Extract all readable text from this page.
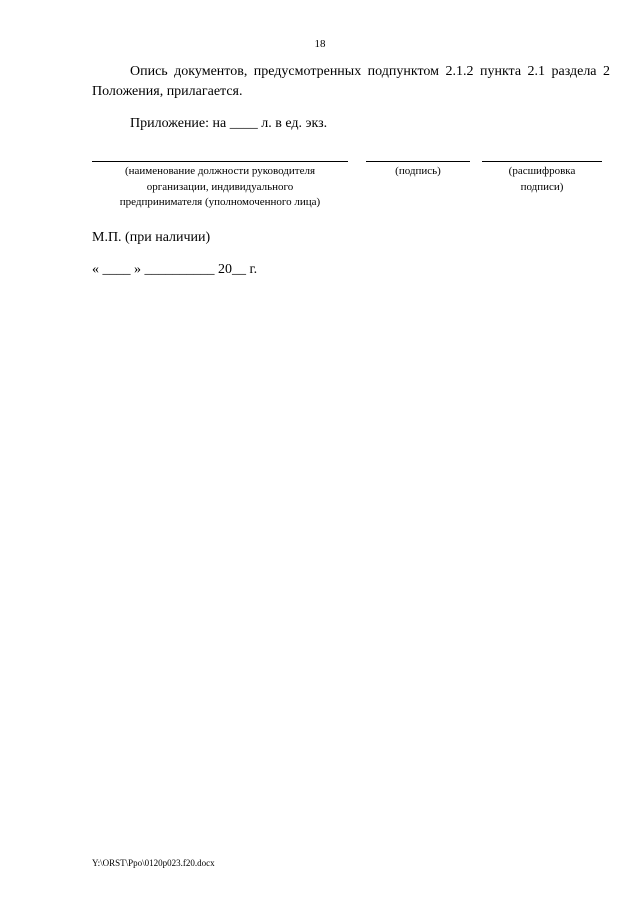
18
Опись документов, предусмотренных подпунктом 2.1.2 пункта 2.1 раздела 2 Положения, прилагается.
Приложение: на ____ л. в ед. экз.
(наименование должности руководителя
организации, индивидуального
предпринимателя (уполномоченного лица)
(подпись)	(расшифровка
подписи)
М.П. (при наличии)
« ____ » __________ 20__ г.
Y:\ORST\Ppo\0120p023.f20.docx
